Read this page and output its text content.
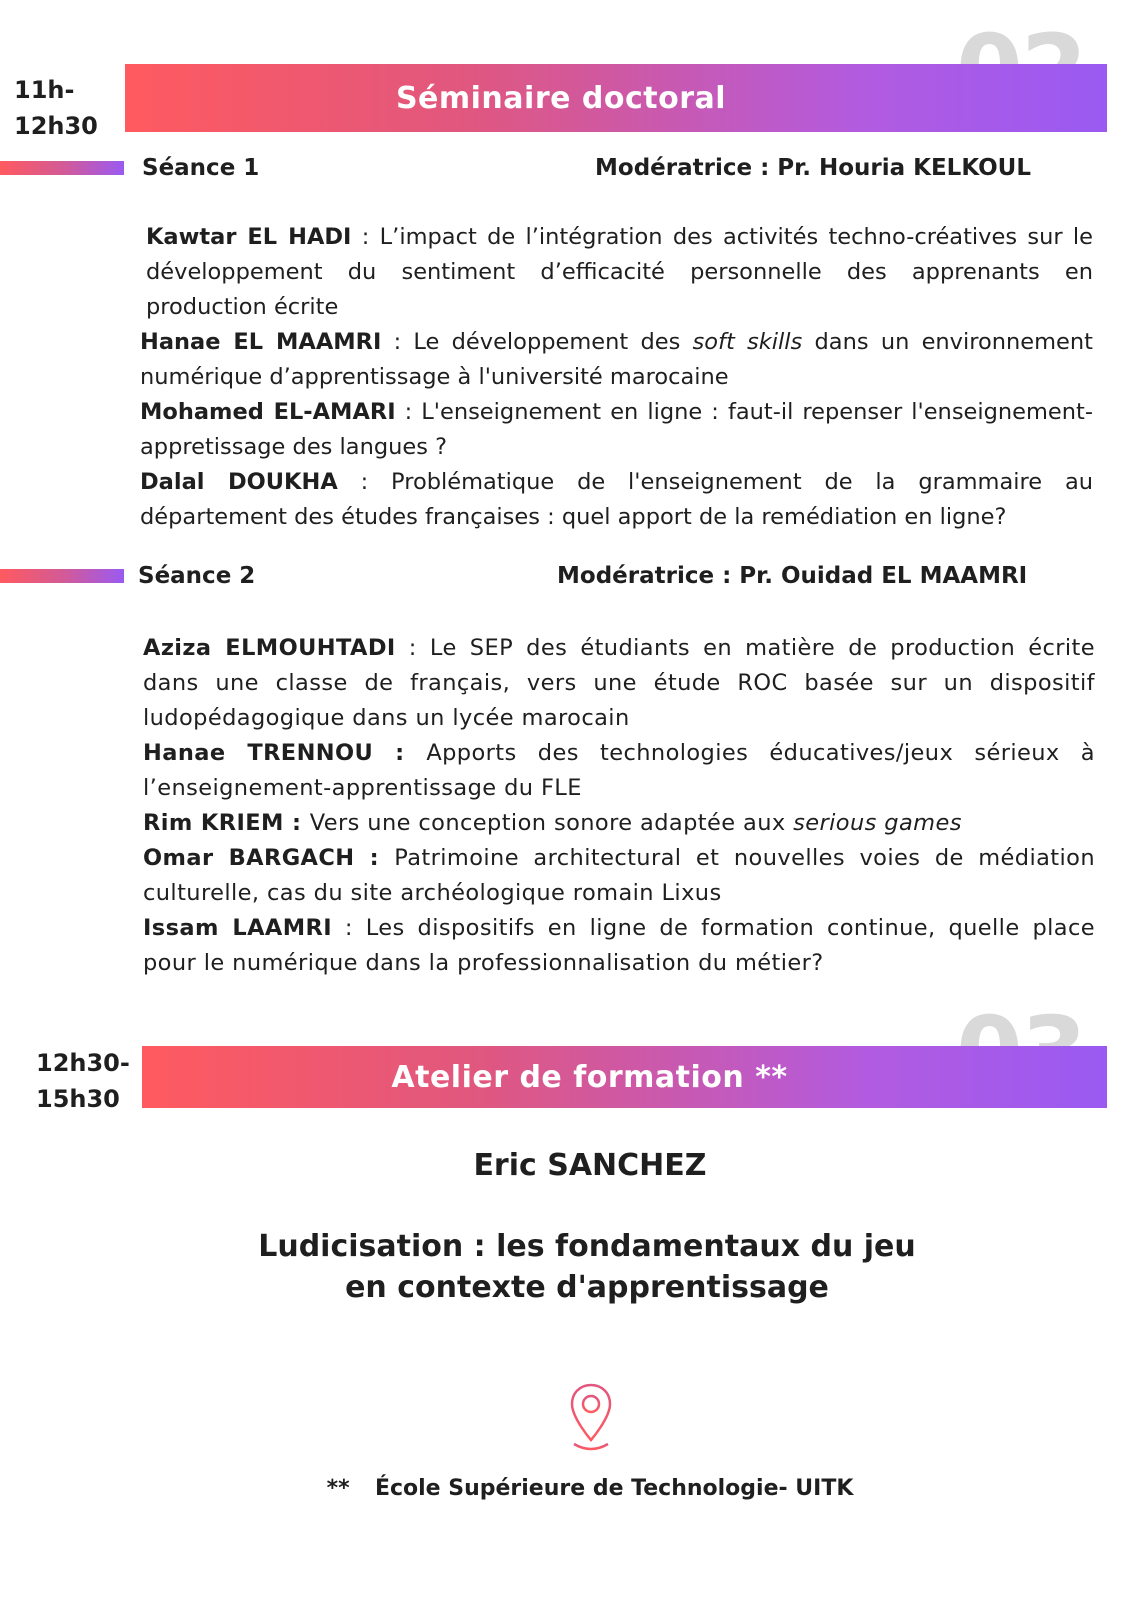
11h-
12h30
Séminaire doctoral
Séance 1	Modératrice : Pr. Houria KELKOUL

Kawtar EL HADI : L’impact de l’intégration des activités techno-créatives sur le développement du sentiment d’efficacité personnelle des apprenants en production écrite

Hanae EL MAAMRI : Le développement des soft skills dans un environnement numérique d’apprentissage à l'université marocaine

Mohamed EL-AMARI : L'enseignement en ligne : faut-il repenser l'enseignement-appretissage des langues ?

Dalal DOUKHA : Problématique de l'enseignement de la grammaire au département des études françaises : quel apport de la remédiation en ligne?

Séance 2	Modératrice : Pr. Ouidad EL MAAMRI

Aziza ELMOUHTADI : Le SEP des étudiants en matière de production écrite dans une classe de français, vers une étude ROC basée sur un dispositif ludopédagogique dans un lycée marocain

Hanae TRENNOU : Apports des technologies éducatives/jeux sérieux à l’enseignement-apprentissage du FLE

Rim KRIEM : Vers une conception sonore adaptée aux serious games

Omar BARGACH : Patrimoine architectural et nouvelles voies de médiation culturelle, cas du site archéologique romain Lixus

Issam LAAMRI : Les dispositifs en ligne de formation continue, quelle place pour le numérique dans la professionnalisation du métier?

12h30-
15h30
Atelier de formation **
Eric SANCHEZ
Ludicisation : les fondamentaux du jeu
en contexte d'apprentissage
** École Supérieure de Technologie- UITK
